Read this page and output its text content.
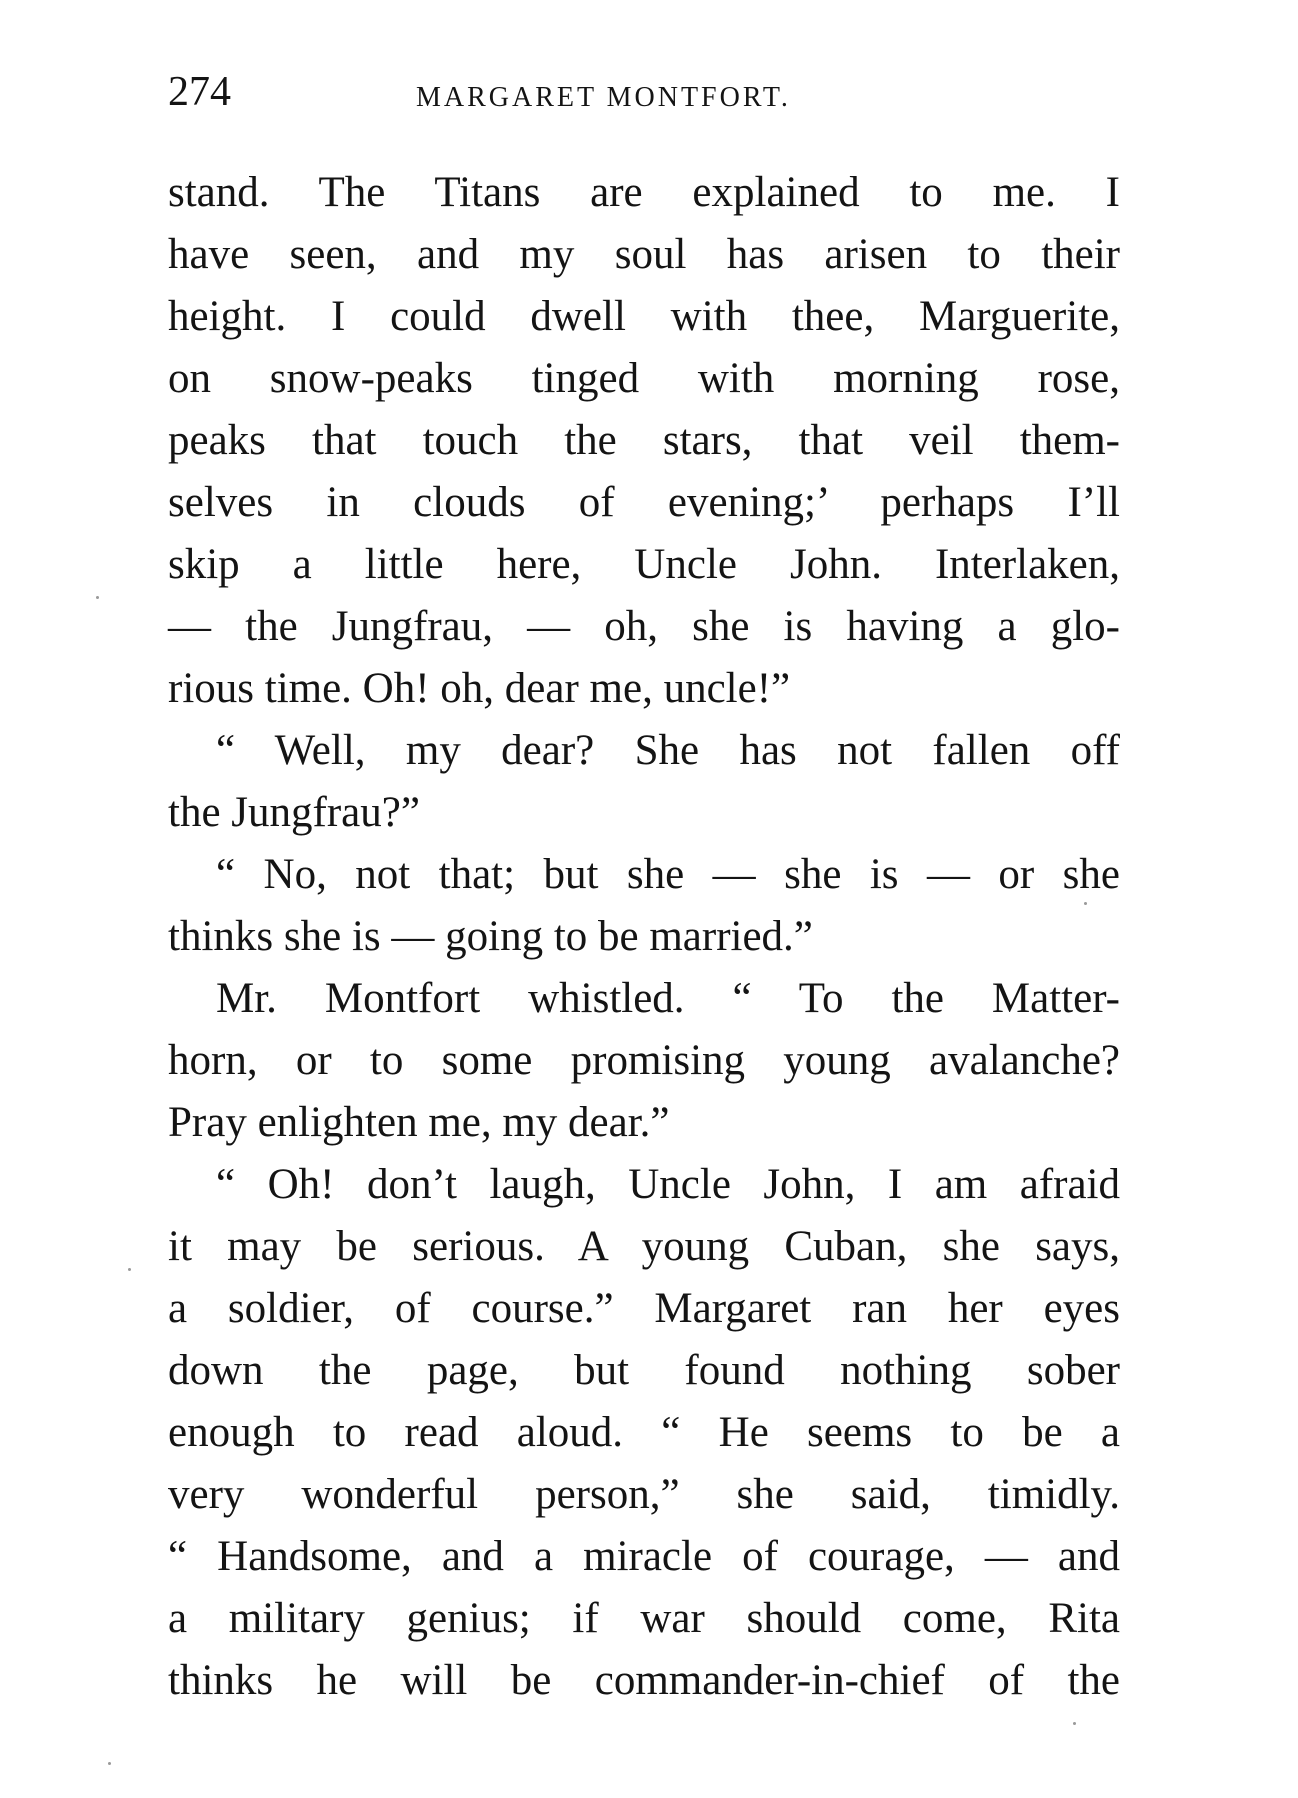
274	MARGARET MONTFORT.
stand. The Titans are explained to me. I
have seen, and my soul has arisen to their
height. I could dwell with thee, Marguerite,
on snow-peaks tinged with morning rose,
peaks that touch the stars, that veil them-
selves in clouds of evening;’ perhaps I’ll
skip a little here, Uncle John. Interlaken,
— the Jungfrau, — oh, she is having a glo-
rious time. Oh! oh, dear me, uncle!”
“ Well, my dear? She has not fallen off
the Jungfrau?”
“ No, not that; but she — she is — or she
thinks she is — going to be married.”
Mr. Montfort whistled. “ To the Matter-
horn, or to some promising young avalanche?
Pray enlighten me, my dear.”
“ Oh! don’t laugh, Uncle John, I am afraid
it may be serious. A young Cuban, she says,
a soldier, of course.” Margaret ran her eyes
down the page, but found nothing sober
enough to read aloud. “ He seems to be a
very wonderful person,” she said, timidly.
“ Handsome, and a miracle of courage, — and
a military genius; if war should come, Rita
thinks he will be commander-in-chief of the
